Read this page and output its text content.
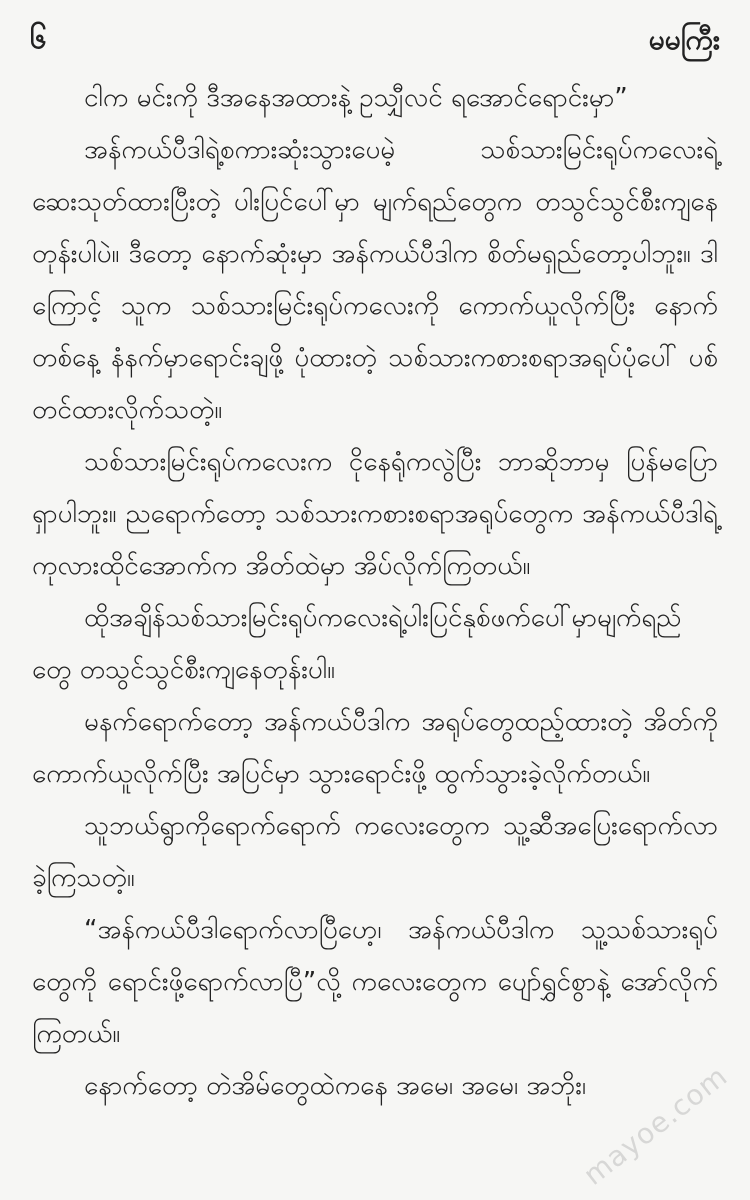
၆	မမကြီး

ငါက မင်းကို ဒီအနေအထားနဲ့ ဥသျှီလင် ရအောင်ရောင်းမှာ”

အန်ကယ်ပီဒါရဲ့စကားဆုံးသွားပေမဲ့ သစ်သားမြင်းရုပ်ကလေးရဲ့ဆေးသုတ်ထားပြီးတဲ့ ပါးပြင်ပေါ်မှာ မျက်ရည်တွေက တသွင်သွင်စီးကျနေတုန်းပါပဲ။ ဒီတော့ နောက်ဆုံးမှာ အန်ကယ်ပီဒါက စိတ်မရှည်တော့ပါဘူး။ ဒါကြောင့် သူက သစ်သားမြင်းရုပ်ကလေးကို ကောက်ယူလိုက်ပြီး နောက်တစ်နေ့ နံနက်မှာရောင်းချဖို့ ပုံထားတဲ့ သစ်သားကစားစရာအရုပ်ပုံပေါ် ပစ်တင်ထားလိုက်သတဲ့။

သစ်သားမြင်းရုပ်ကလေးက ငိုနေရုံကလွဲပြီး ဘာဆိုဘာမှ ပြန်မပြောရှာပါဘူး။ ညရောက်တော့ သစ်သားကစားစရာအရုပ်တွေက အန်ကယ်ပီဒါရဲ့ ကုလားထိုင်အောက်က အိတ်ထဲမှာ အိပ်လိုက်ကြတယ်။

ထိုအချိန်သစ်သားမြင်းရုပ်ကလေးရဲ့ပါးပြင်နုစ်ဖက်ပေါ်မှာမျက်ရည်တွေ တသွင်သွင်စီးကျနေတုန်းပါ။

မနက်ရောက်တော့ အန်ကယ်ပီဒါက အရုပ်တွေထည့်ထားတဲ့ အိတ်ကို ကောက်ယူလိုက်ပြီး အပြင်မှာ သွားရောင်းဖို့ ထွက်သွားခဲ့လိုက်တယ်။

သူဘယ်ရွာကိုရောက်ရောက် ကလေးတွေက သူ့ဆီအပြေးရောက်လာခဲ့ကြသတဲ့။

“အန်ကယ်ပီဒါရောက်လာပြီဟေ့၊ အန်ကယ်ပီဒါက သူ့သစ်သားရုပ်တွေကို ရောင်းဖို့ရောက်လာပြီ”လို့ ကလေးတွေက ပျော်ရွှင်စွာနဲ့ အော်လိုက်ကြတယ်။

နောက်တော့ တဲအိမ်တွေထဲကနေ အမေ၊ အမေ၊ အဘိုး၊

mayoe.com
